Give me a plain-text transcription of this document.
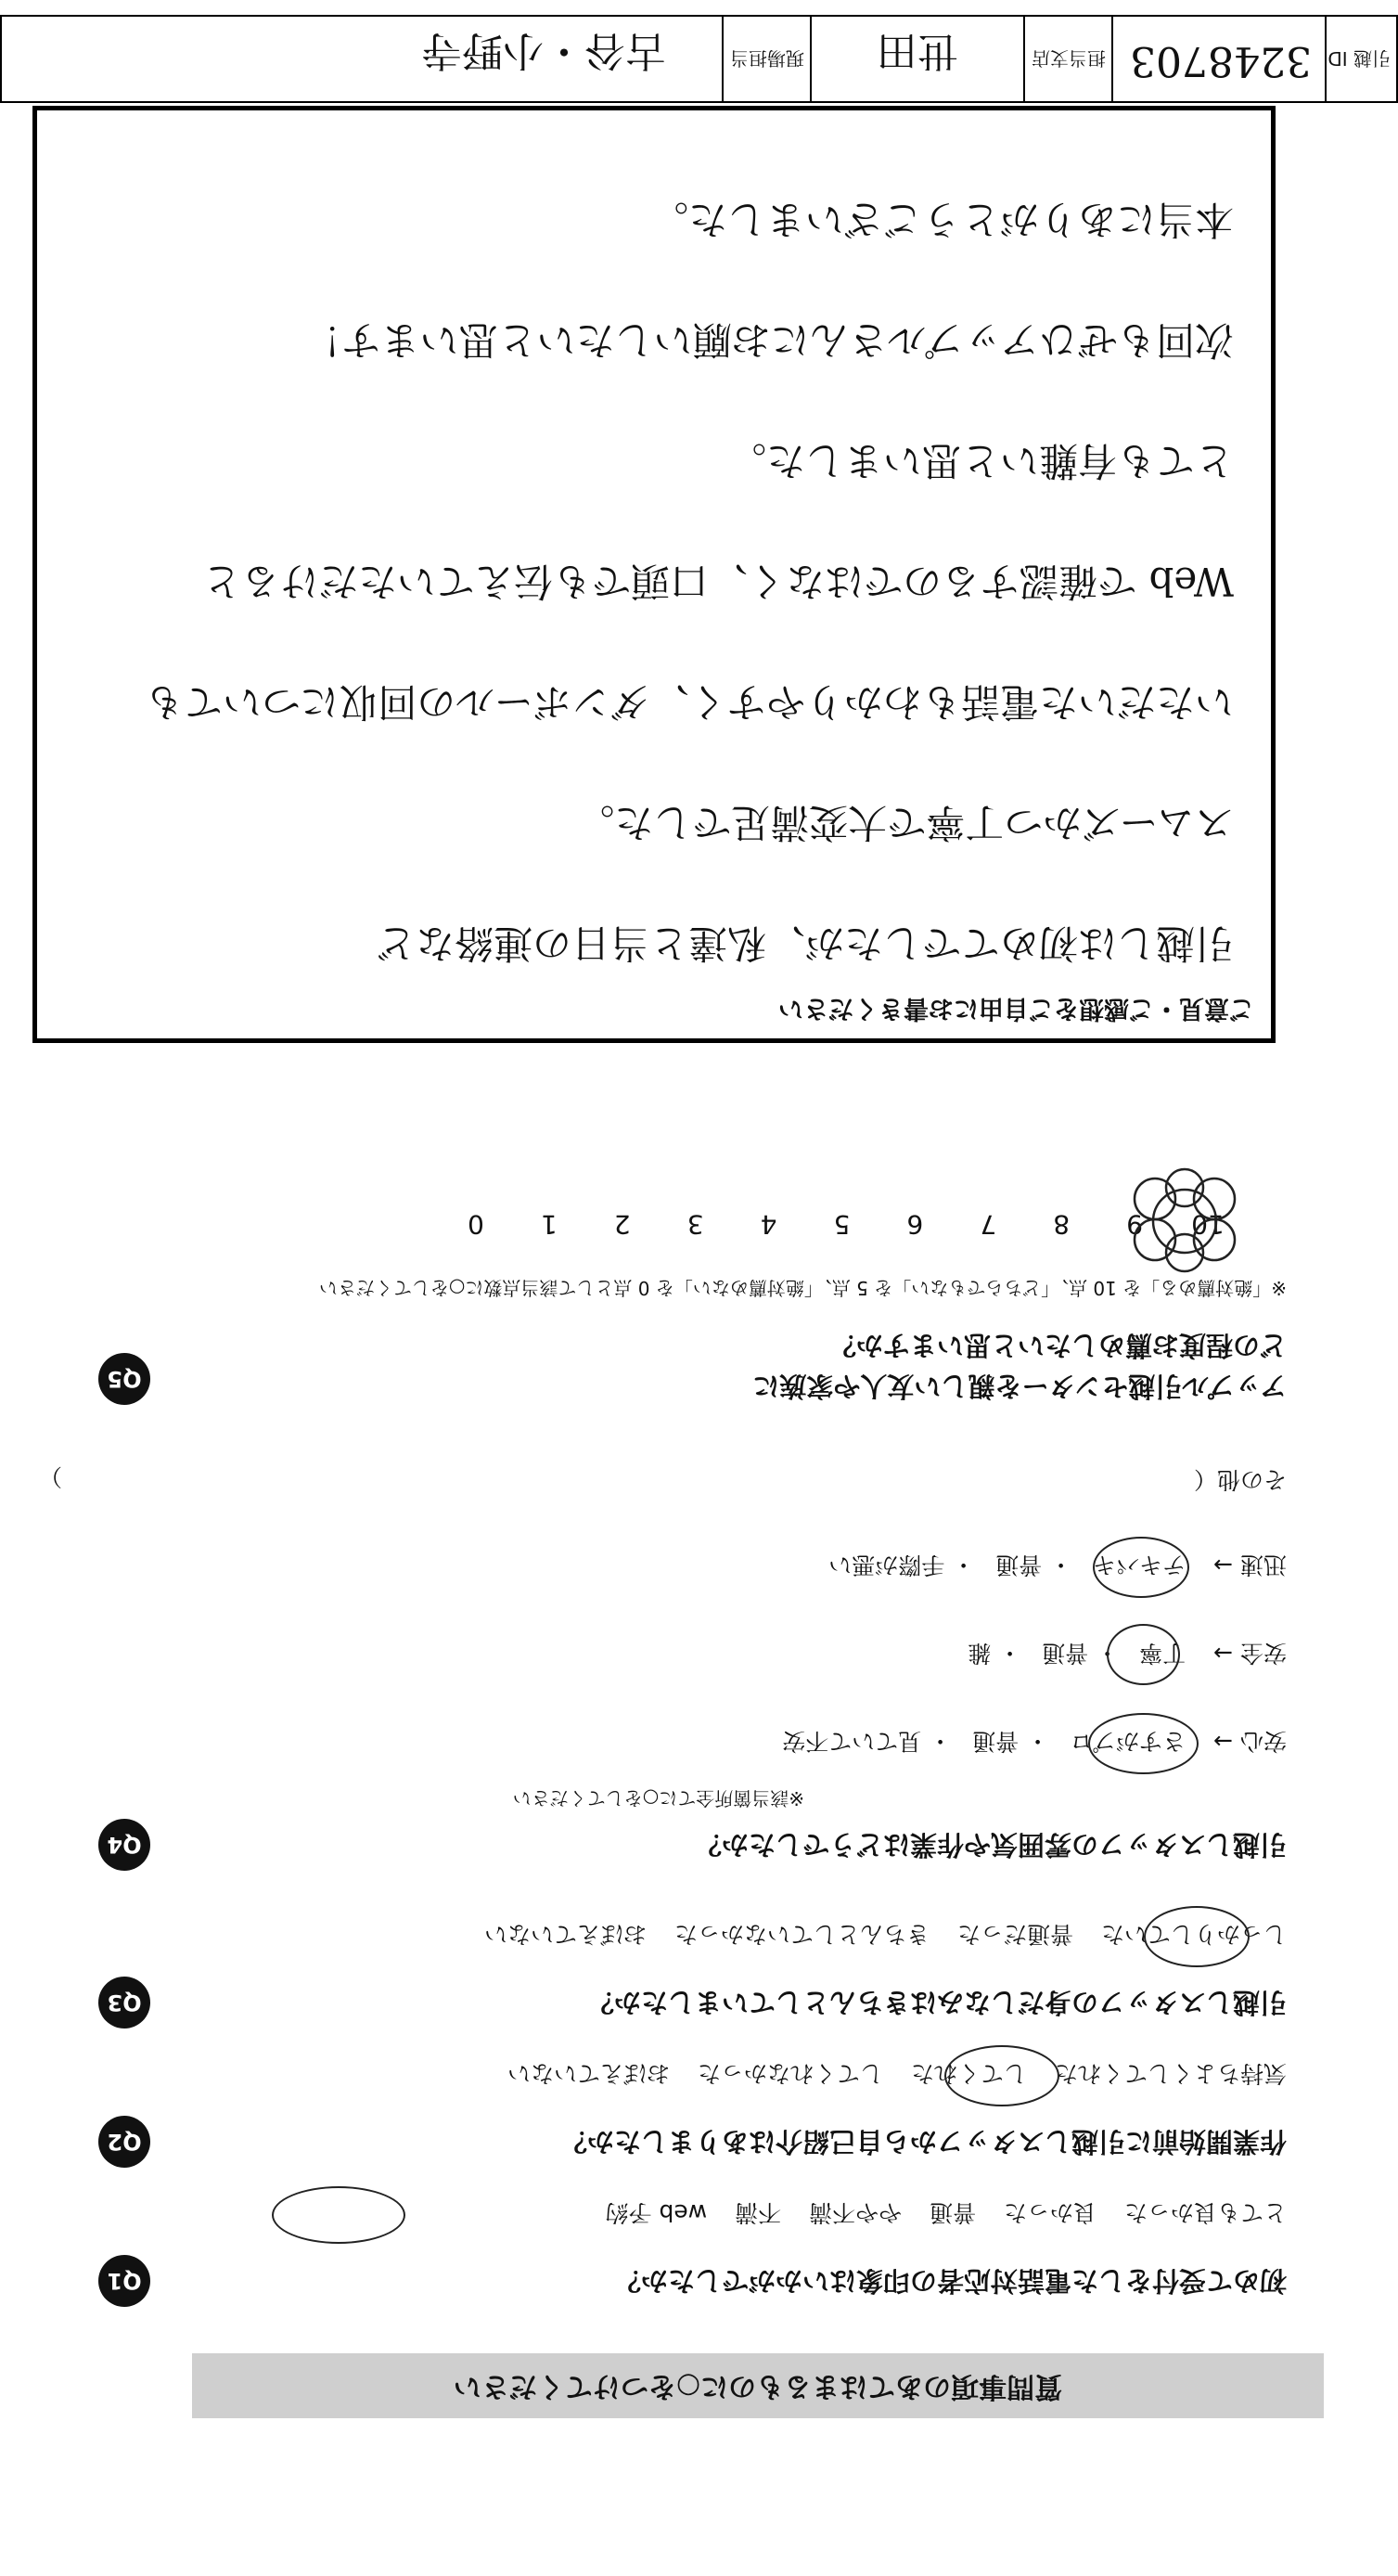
質問事項のあてはまるものに○をつけてください
Q1	初めて受付をした電話対応者の印象はいかがでしたか？
とても良かった 良かった 普通 やや不満 不満 web 予約
Q2	作業開始前に引越しスタッフから自己紹介はありましたか？
気持ちよくしてくれた してくれた してくれなかった おぼえていない
Q3	引越しスタッフの身だしなみはきちんとしていましたか？
しっかりしていた 普通だった きちんとしていなかった おぼえていない
Q4	引越しスタッフの雰囲気や作業はどうでしたか？
※該当箇所全てに○をしてください
安心 → さすがプロ・ 普通・ 見ていて不安
安全 → 丁寧・ 普通・ 雑
迅速 → テキパキ・ 普通・ 手際が悪い
その他（
）
Q5	アップル引越センターを親しい友人や家族に
どの程度お薦めしたいと思いますか？
※「絶対薦める」を 10 点、「どちらでもない」を 5 点、「絶対薦めない」を 0 点として該当点数に○をしてください
10 9 8 7 6 5 4 3 2 1 0
ご意見・ご感想をご自由にお書きください
引越しは初めてでしたが、私達と当日の連絡など
スムーズかつ丁寧で大変満足でした。
いただいた電話もわかりやすく、ダンボールの回収についても
Web で確認するのではなく、口頭でも伝えていただけると
とても有難いと思いました。
次回もぜひアップルさんにお願いしたいと思います！
本当にありがとうございました。
引越 ID
3248703
担当支店
世田
現場担当
古谷・小野寺
